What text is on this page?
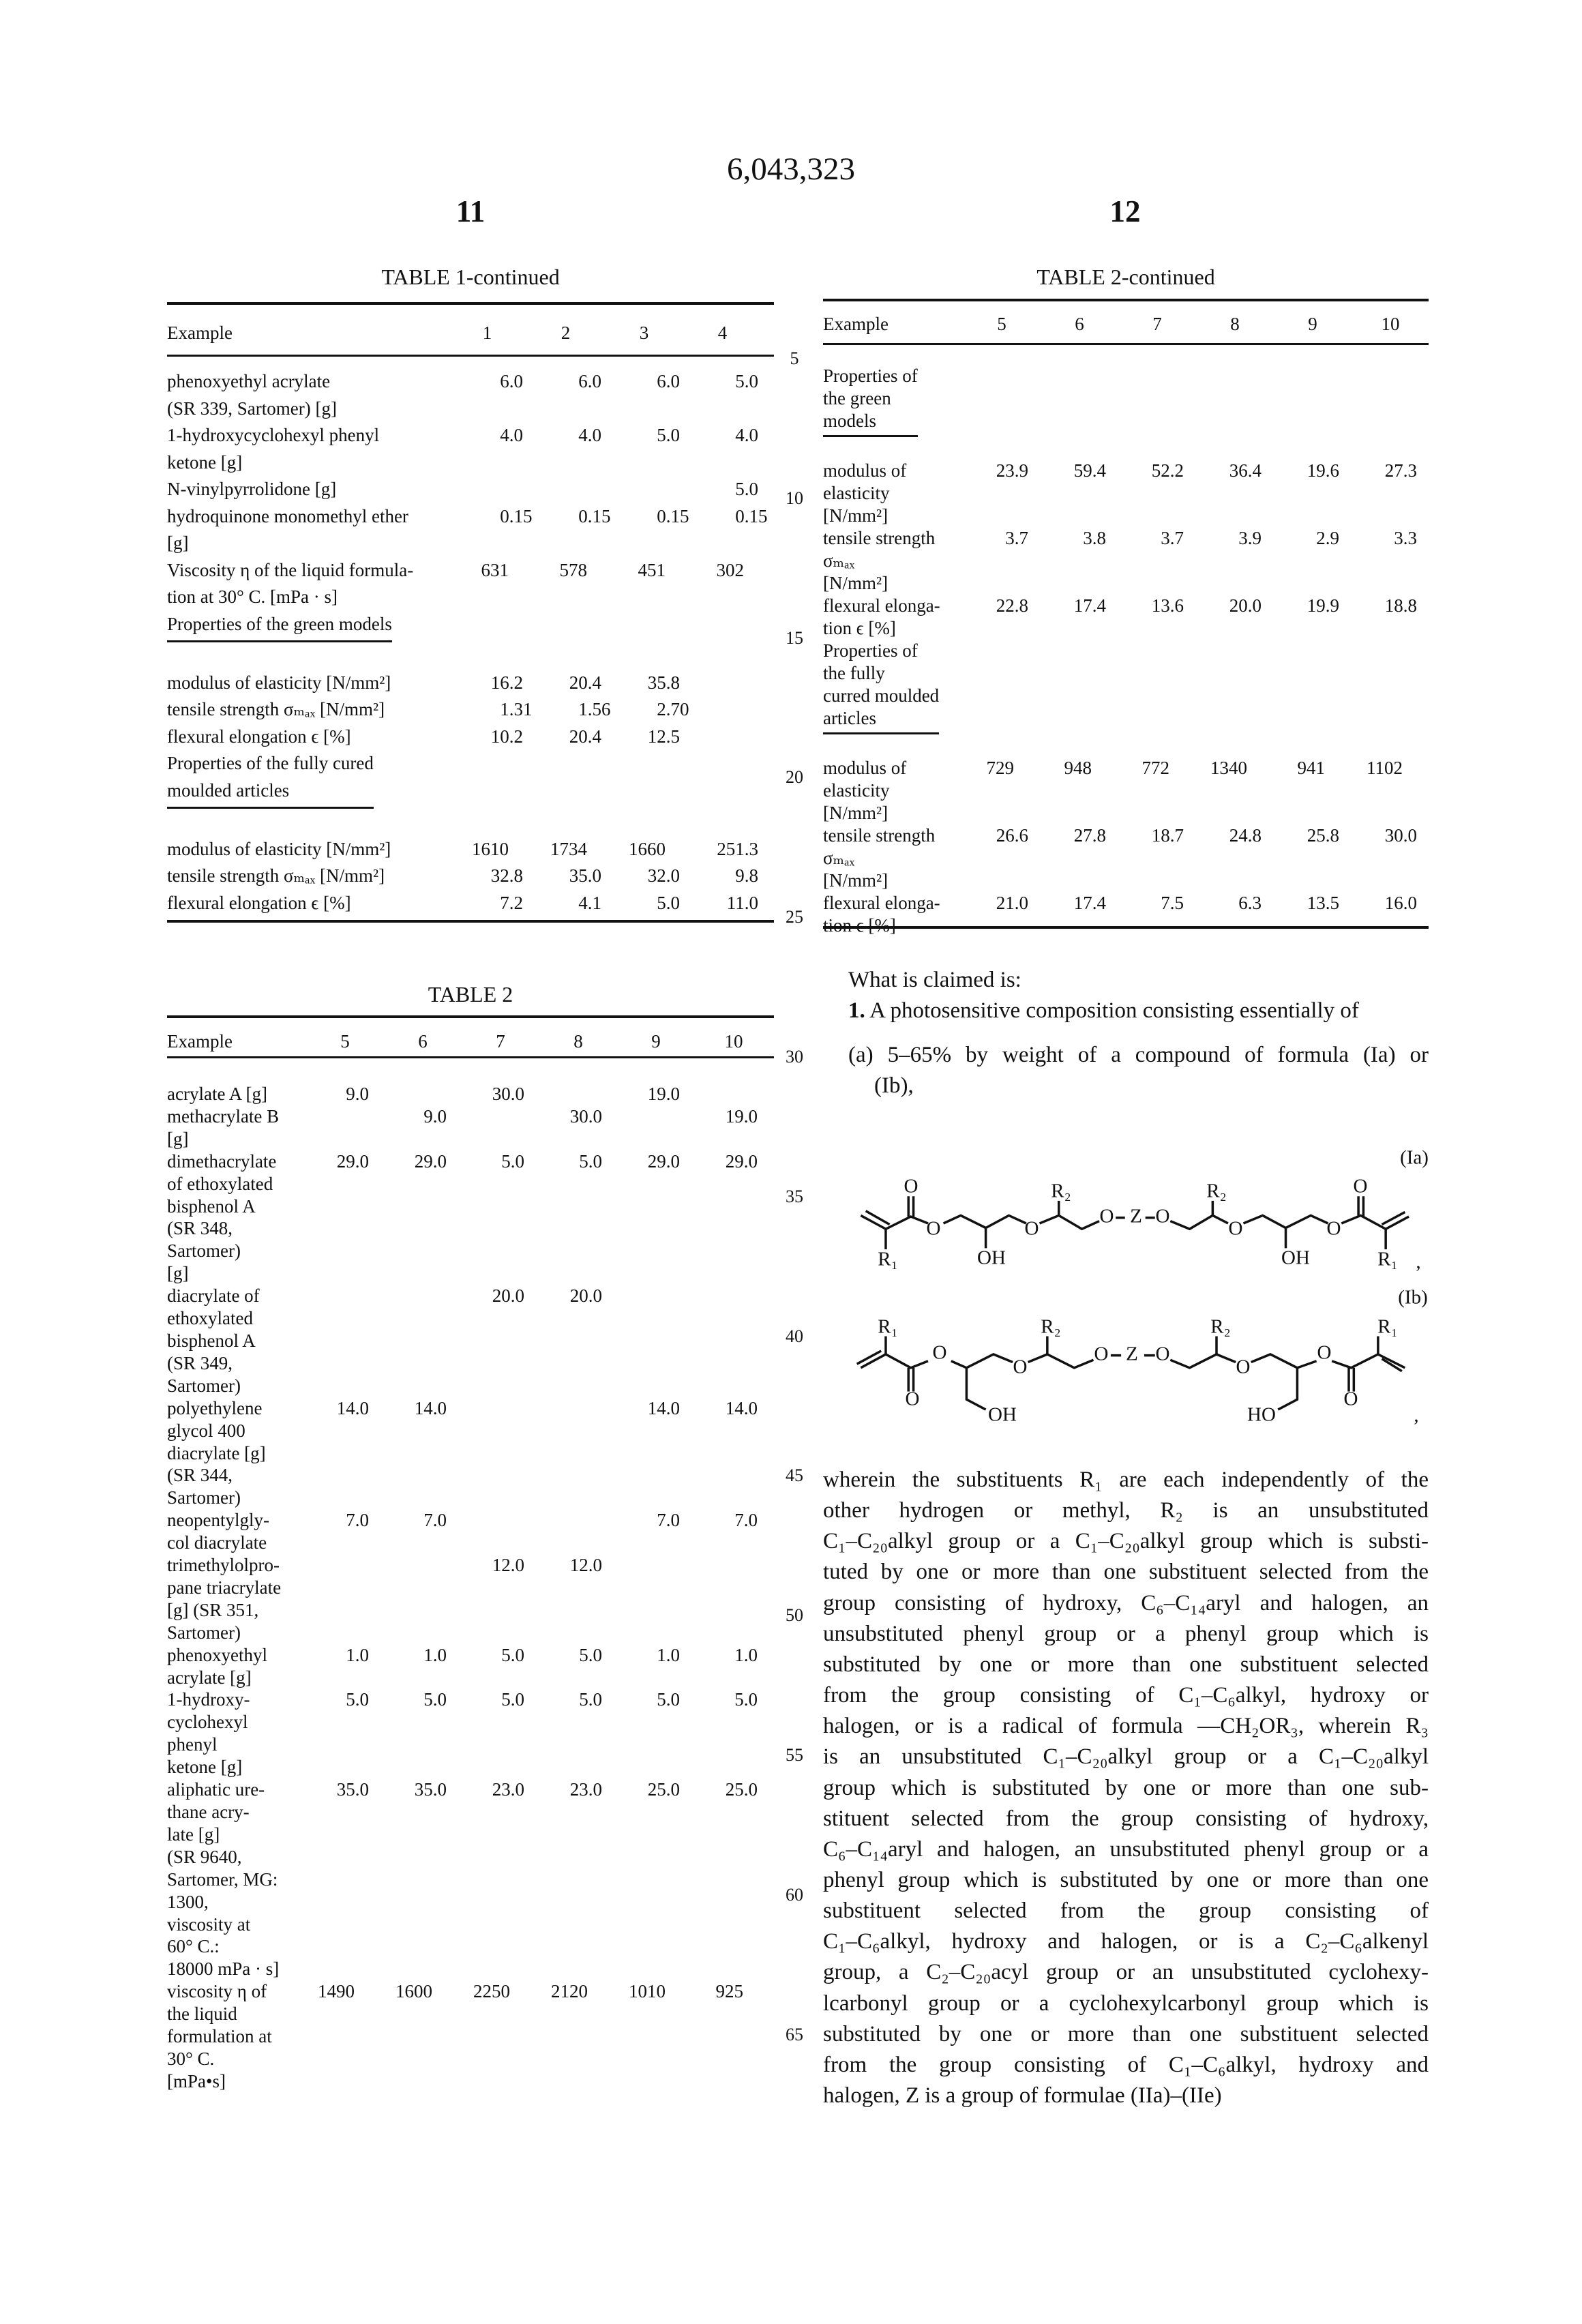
6,043,323
11	12
5
10
15
20
25
30
35
40
45
50
55
60
65
TABLE 1-continued
Example	1	2	3	4

phenoxyethyl acrylate
(SR 339, Sartomer) [g]	6.0	6.0	6.0	5.0
1-hydroxycyclohexyl phenyl
ketone [g]	4.0	4.0	5.0	4.0
N-vinylpyrrolidone [g]				5.0
hydroquinone monomethyl ether
[g]	0.15	0.15	0.15	0.15
Viscosity η of the liquid formula-
tion at 30° C. [mPa · s]	631	578	451	302
Properties of the green models

modulus of elasticity [N/mm²]	16.2	20.4	35.8	
tensile strength σₘₐₓ [N/mm²]	1.31	1.56	2.70	
flexural elongation ϵ [%]	10.2	20.4	12.5	
Properties of the fully cured
moulded articles

modulus of elasticity [N/mm²]	1610	1734	1660	251.3
tensile strength σₘₐₓ [N/mm²]	32.8	35.0	32.0	9.8
flexural elongation ϵ [%]	7.2	4.1	5.0	11.0
TABLE 2
Example	5	6	7	8	9	10

acrylate A [g]	9.0		30.0		19.0	
methacrylate B
[g]		9.0		30.0		19.0
dimethacrylate
of ethoxylated
bisphenol A
(SR 348,
Sartomer)
[g]	29.0	29.0	5.0	5.0	29.0	29.0
diacrylate of
ethoxylated
bisphenol A
(SR 349,
Sartomer)			20.0	20.0		
polyethylene
glycol 400
diacrylate [g]
(SR 344,
Sartomer)	14.0	14.0			14.0	14.0
neopentylgly-
col diacrylate	7.0	7.0			7.0	7.0
trimethylolpro-
pane triacrylate
[g] (SR 351,
Sartomer)			12.0	12.0		
phenoxyethyl
acrylate [g]	1.0	1.0	5.0	5.0	1.0	1.0
1-hydroxy-
cyclohexyl
phenyl
ketone [g]	5.0	5.0	5.0	5.0	5.0	5.0
aliphatic ure-
thane acry-
late [g]
(SR 9640,
Sartomer, MG:
1300,
viscosity at
60° C.:
18000 mPa · s]	35.0	35.0	23.0	23.0	25.0	25.0
viscosity η of
the liquid
formulation at
30° C.
[mPa•s]	1490	1600	2250	2120	1010	925
TABLE 2-continued
Example	5	6	7	8	9	10

Properties of
the green
models

modulus of
elasticity
[N/mm²]	23.9	59.4	52.2	36.4	19.6	27.3
tensile strength
σₘₐₓ
[N/mm²]	3.7	3.8	3.7	3.9	2.9	3.3
flexural elonga-
tion ϵ [%]	22.8	17.4	13.6	20.0	19.9	18.8
Properties of
the fully
curred moulded
articles

modulus of
elasticity
[N/mm²]	729	948	772	1340	941	1102
tensile strength
σₘₐₓ
[N/mm²]	26.6	27.8	18.7	24.8	25.8	30.0
flexural elonga-
tion ϵ [%]	21.0	17.4	7.5	6.3	13.5	16.0
What is claimed is:
1. A photosensitive composition consisting essentially of
(a) 5–65% by weight of a compound of formula (Ia) or
(Ib),
(Ia)
O	R₂	R₂	O
O	O
O Z O
O	O
R₁	OH	OH	R₁ ,
(Ib)
R₁	R₂	R₂	R₁
O
O
O Z O
O
O
O	O
OH	HO	,
wherein the substituents R₁ are each independently of the
other hydrogen or methyl, R₂ is an unsubstituted
C₁–C₂₀alkyl group or a C₁–C₂₀alkyl group which is substi-
tuted by one or more than one substituent selected from the
group consisting of hydroxy, C₆–C₁₄aryl and halogen, an
unsubstituted phenyl group or a phenyl group which is
substituted by one or more than one substituent selected
from the group consisting of C₁–C₆alkyl, hydroxy or
halogen, or is a radical of formula —CH₂OR₃, wherein R₃
is an unsubstituted C₁–C₂₀alkyl group or a C₁–C₂₀alkyl
group which is substituted by one or more than one sub-
stituent selected from the group consisting of hydroxy,
C₆–C₁₄aryl and halogen, an unsubstituted phenyl group or a
phenyl group which is substituted by one or more than one
substituent selected from the group consisting of
C₁–C₆alkyl, hydroxy and halogen, or is a C₂–C₆alkenyl
group, a C₂–C₂₀acyl group or an unsubstituted cyclohexy-
lcarbonyl group or a cyclohexylcarbonyl group which is
substituted by one or more than one substituent selected
from the group consisting of C₁–C₆alkyl, hydroxy and
halogen, Z is a group of formulae (IIa)–(IIe)
